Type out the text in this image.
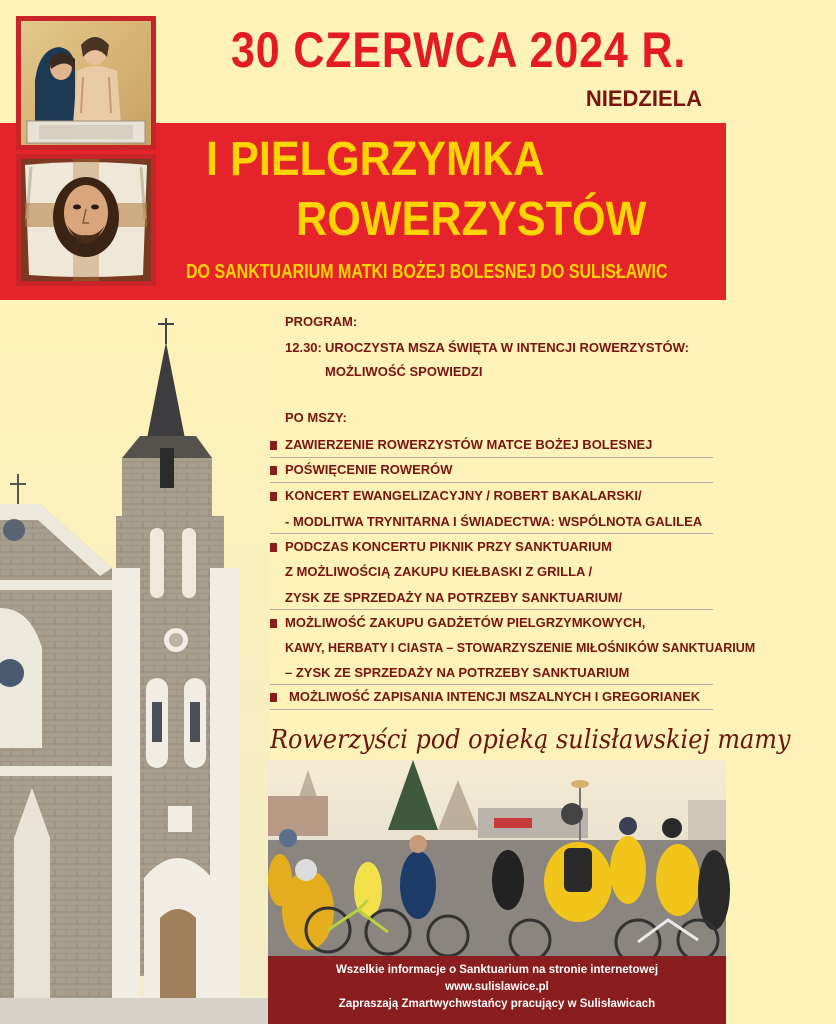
30 CZERWCA 2024 R.
NIEDZIELA
I PIELGRZYMKA
ROWERZYSTÓW
DO SANKTUARIUM MATKI BOŻEJ BOLESNEJ DO SULISŁAWIC
PROGRAM:
12.30: UROCZYSTA MSZA ŚWIĘTA W INTENCJI ROWERZYSTÓW:
MOŻLIWOŚĆ SPOWIEDZI
PO MSZY:
ZAWIERZENIE ROWERZYSTÓW MATCE BOŻEJ BOLESNEJ
POŚWIĘCENIE ROWERÓW
KONCERT EWANGELIZACYJNY / ROBERT BAKALARSKI/
- MODLITWA TRYNITARNA I ŚWIADECTWA: WSPÓLNOTA GALILEA
PODCZAS KONCERTU PIKNIK PRZY SANKTUARIUM
Z MOŻLIWOŚCIĄ ZAKUPU KIEŁBASKI Z GRILLA /
ZYSK ZE SPRZEDAŻY NA POTRZEBY SANKTUARIUM/
MOŻLIWOŚĆ ZAKUPU GADŻETÓW PIELGRZYMKOWYCH,
KAWY, HERBATY I CIASTA – STOWARZYSZENIE MIŁOŚNIKÓW SANKTUARIUM
– ZYSK ZE SPRZEDAŻY NA POTRZEBY SANKTUARIUM
MOŻLIWOŚĆ ZAPISANIA INTENCJI MSZALNYCH I GREGORIANEK
Rowerzyści pod opieką sulisławskiej mamy
Wszelkie informacje o Sanktuarium na stronie internetowej
www.sulislawice.pl
Zapraszają Zmartwychwstańcy pracujący w Sulisławicach
